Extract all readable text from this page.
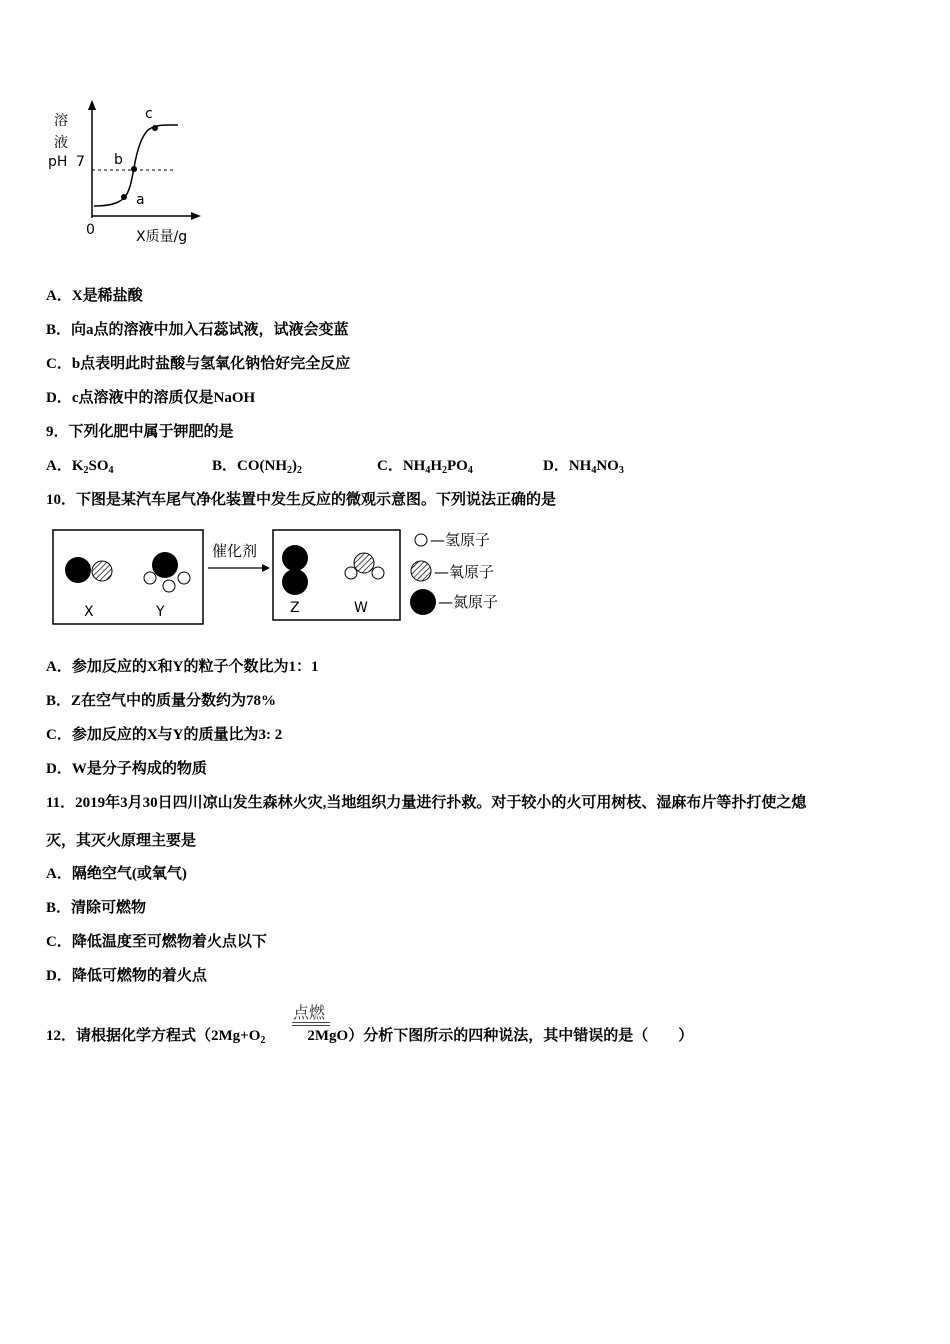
溶
液
pH 7 b
c
a
0	X质量/g
A．X是稀盐酸
B．向a点的溶液中加入石蕊试液，试液会变蓝
C．b点表明此时盐酸与氢氧化钠恰好完全反应
D．c点溶液中的溶质仅是NaOH
9．下列化肥中属于钾肥的是
A．$K_2SO_4$	B．$CO(NH_2)_2$	C．$NH_4H_2PO_4$	D．$NH_4NO_3$
10．下图是某汽车尾气净化装置中发生反应的微观示意图。下列说法正确的是
催化剂
X	Y	Z	W
—氢原子
—氧原子
—氮原子
A．参加反应的X和Y的粒子个数比为1：1
B．Z在空气中的质量分数约为78%
C．参加反应的X与Y的质量比为3: 2
D．W是分子构成的物质
11．2019年3月30日四川凉山发生森林火灾,当地组织力量进行扑救。对于较小的火可用树枝、湿麻布片等扑打使之熄
灭，其灭火原理主要是
A．隔绝空气(或氧气)
B．清除可燃物
C．降低温度至可燃物着火点以下
D．降低可燃物的着火点
12．请根据化学方程式（$2Mg+O_2$	2MgO）分析下图所示的四种说法，其中错误的是（　　）
点燃
